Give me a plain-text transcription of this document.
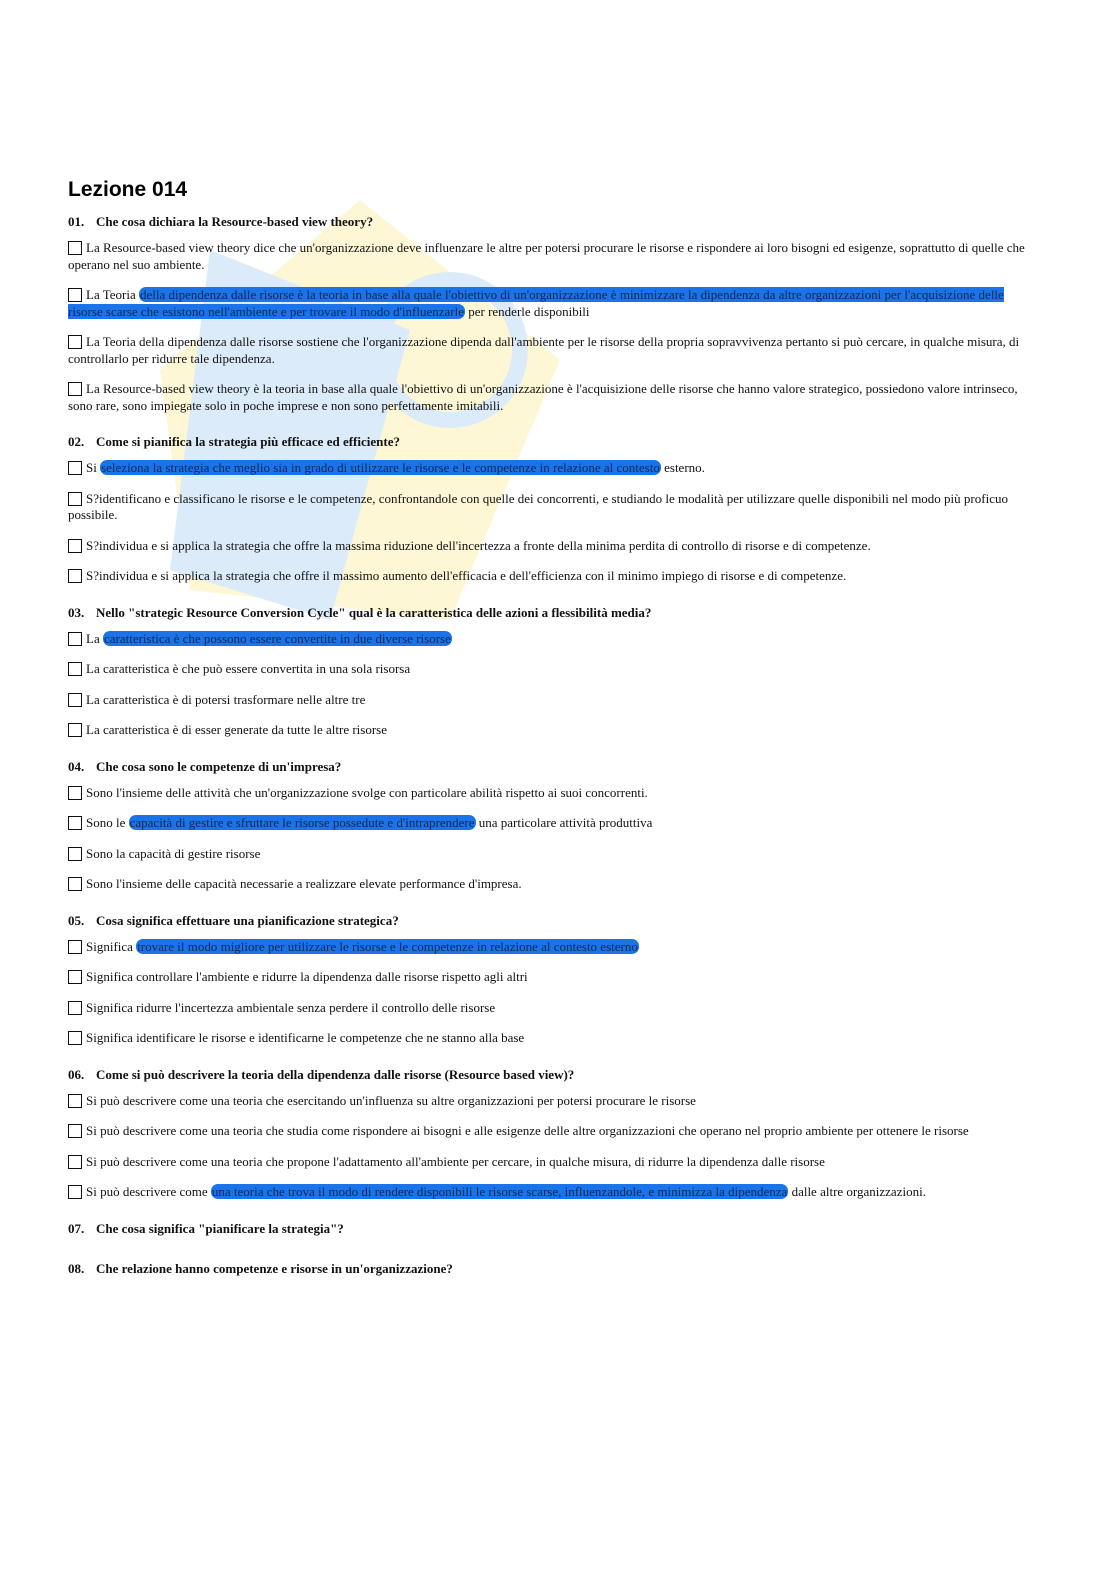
Lezione 014
01. Che cosa dichiara la Resource-based view theory?
La Resource-based view theory dice che un'organizzazione deve influenzare le altre per potersi procurare le risorse e rispondere ai loro bisogni ed esigenze, soprattutto di quelle che operano nel suo ambiente.
La Teoria della dipendenza dalle risorse è la teoria in base alla quale l'obiettivo di un'organizzazione è minimizzare la dipendenza da altre organizzazioni per l'acquisizione delle risorse scarse che esistono nell'ambiente e per trovare il modo d'influenzarle per renderle disponibili
La Teoria della dipendenza dalle risorse sostiene che l'organizzazione dipenda dall'ambiente per le risorse della propria sopravvivenza pertanto si può cercare, in qualche misura, di controllarlo per ridurre tale dipendenza.
La Resource-based view theory è la teoria in base alla quale l'obiettivo di un'organizzazione è l'acquisizione delle risorse che hanno valore strategico, possiedono valore intrinseco, sono rare, sono impiegate solo in poche imprese e non sono perfettamente imitabili.
02. Come si pianifica la strategia più efficace ed efficiente?
Si seleziona la strategia che meglio sia in grado di utilizzare le risorse e le competenze in relazione al contesto esterno.
S?identificano e classificano le risorse e le competenze, confrontandole con quelle dei concorrenti, e studiando le modalità per utilizzare quelle disponibili nel modo più proficuo possibile.
S?individua e si applica la strategia che offre la massima riduzione dell'incertezza a fronte della minima perdita di controllo di risorse e di competenze.
S?individua e si applica la strategia che offre il massimo aumento dell'efficacia e dell'efficienza con il minimo impiego di risorse e di competenze.
03. Nello "strategic Resource Conversion Cycle" qual è la caratteristica delle azioni a flessibilità media?
La caratteristica è che possono essere convertite in due diverse risorse
La caratteristica è che può essere convertita in una sola risorsa
La caratteristica è di potersi trasformare nelle altre tre
La caratteristica è di esser generate da tutte le altre risorse
04. Che cosa sono le competenze di un'impresa?
Sono l'insieme delle attività che un'organizzazione svolge con particolare abilità rispetto ai suoi concorrenti.
Sono le capacità di gestire e sfruttare le risorse possedute e d'intraprendere una particolare attività produttiva
Sono la capacità di gestire risorse
Sono l'insieme delle capacità necessarie a realizzare elevate performance d'impresa.
05. Cosa significa effettuare una pianificazione strategica?
Significa trovare il modo migliore per utilizzare le risorse e le competenze in relazione al contesto esterno
Significa controllare l'ambiente e ridurre la dipendenza dalle risorse rispetto agli altri
Significa ridurre l'incertezza ambientale senza perdere il controllo delle risorse
Significa identificare le risorse e identificarne le competenze che ne stanno alla base
06. Come si può descrivere la teoria della dipendenza dalle risorse (Resource based view)?
Si può descrivere come una teoria che esercitando un'influenza su altre organizzazioni per potersi procurare le risorse
Si può descrivere come una teoria che studia come rispondere ai bisogni e alle esigenze delle altre organizzazioni che operano nel proprio ambiente per ottenere le risorse
Si può descrivere come una teoria che propone l'adattamento all'ambiente per cercare, in qualche misura, di ridurre la dipendenza dalle risorse
Si può descrivere come una teoria che trova il modo di rendere disponibili le risorse scarse, influenzandole, e minimizza la dipendenza dalle altre organizzazioni.
07. Che cosa significa "pianificare la strategia"?
08. Che relazione hanno competenze e risorse in un'organizzazione?
